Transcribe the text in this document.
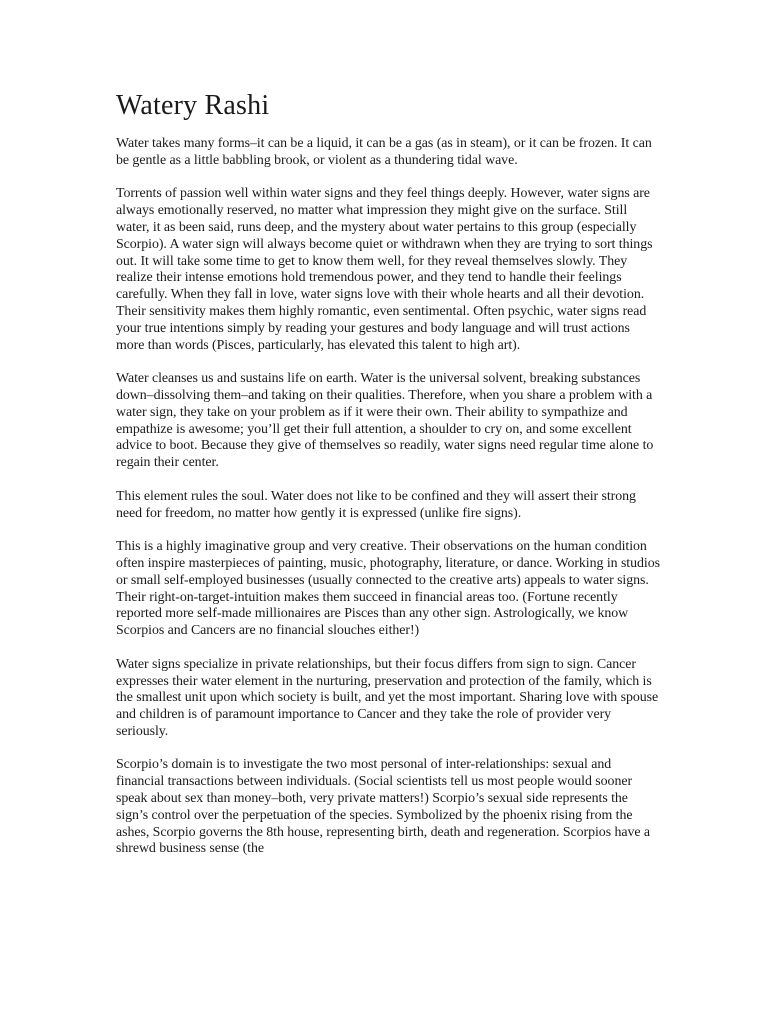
Watery Rashi

Water takes many forms–it can be a liquid, it can be a gas (as in steam), or it can be frozen. It can be gentle as a little babbling brook, or violent as a thundering tidal wave.

Torrents of passion well within water signs and they feel things deeply. However, water signs are always emotionally reserved, no matter what impression they might give on the surface. Still water, it as been said, runs deep, and the mystery about water pertains to this group (especially Scorpio). A water sign will always become quiet or withdrawn when they are trying to sort things out. It will take some time to get to know them well, for they reveal themselves slowly. They realize their intense emotions hold tremendous power, and they tend to handle their feelings carefully. When they fall in love, water signs love with their whole hearts and all their devotion. Their sensitivity makes them highly romantic, even sentimental. Often psychic, water signs read your true intentions simply by reading your gestures and body language and will trust actions more than words (Pisces, particularly, has elevated this talent to high art).

Water cleanses us and sustains life on earth. Water is the universal solvent, breaking substances down–dissolving them–and taking on their qualities. Therefore, when you share a problem with a water sign, they take on your problem as if it were their own. Their ability to sympathize and empathize is awesome; you’ll get their full attention, a shoulder to cry on, and some excellent advice to boot. Because they give of themselves so readily, water signs need regular time alone to regain their center.

This element rules the soul. Water does not like to be confined and they will assert their strong need for freedom, no matter how gently it is expressed (unlike fire signs).

This is a highly imaginative group and very creative. Their observations on the human condition often inspire masterpieces of painting, music, photography, literature, or dance. Working in studios or small self-employed businesses (usually connected to the creative arts) appeals to water signs. Their right-on-target-intuition makes them succeed in financial areas too. (Fortune recently reported more self-made millionaires are Pisces than any other sign. Astrologically, we know Scorpios and Cancers are no financial slouches either!)

Water signs specialize in private relationships, but their focus differs from sign to sign. Cancer expresses their water element in the nurturing, preservation and protection of the family, which is the smallest unit upon which society is built, and yet the most important. Sharing love with spouse and children is of paramount importance to Cancer and they take the role of provider very seriously.

Scorpio’s domain is to investigate the two most personal of inter-relationships: sexual and financial transactions between individuals. (Social scientists tell us most people would sooner speak about sex than money–both, very private matters!) Scorpio’s sexual side represents the sign’s control over the perpetuation of the species. Symbolized by the phoenix rising from the ashes, Scorpio governs the 8th house, representing birth, death and regeneration. Scorpios have a shrewd business sense (the
